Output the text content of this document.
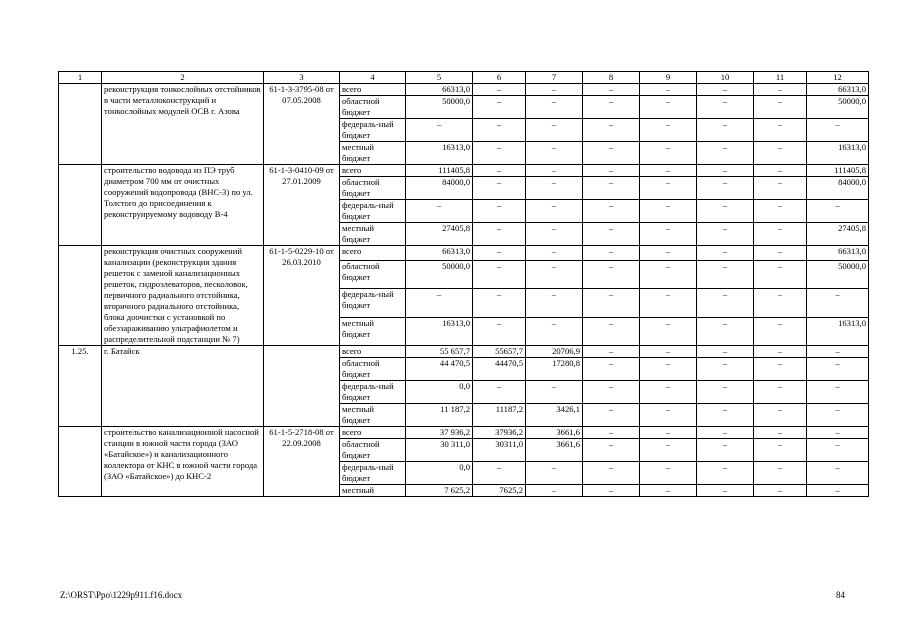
1	2	3	4	5	6	7	8	9	10	11	12
	реконструкция тонкослойных отстойников в части металлоконструкций и тонкослойных модулей ОСВ г. Азова	61-1-3-3795-08 от 07.05.2008	всего	66313,0	–	–	–	–	–	–	66313,0
			областной бюджет	50000,0	–	–	–	–	–	–	50000,0
			федераль-ный бюджет	–	–	–	–	–	–	–	–
			местный бюджет	16313,0	–	–	–	–	–	–	16313,0
	строительство водовода из ПЭ труб диаметром 700 мм от очистных сооружений водопровода (ВНС-3) по ул. Толстого до присоединения к реконструируемому водоводу В-4	61-1-3-0410-09 от 27.01.2009	всего	111405,8	–	–	–	–	–	–	111405,8
			областной бюджет	84000,0	–	–	–	–	–	–	84000,0
			федераль-ный бюджет	–	–	–	–	–	–	–	–
			местный бюджет	27405,8	–	–	–	–	–	–	27405,8
	реконструкция очистных сооружений канализации (реконструкция здания решеток с заменой канализационных решеток, гидроэлеваторов, песколовок, первичного радиального отстойника, вторичного радиального отстойника, блока доочистки с установкой по обеззараживанию ультрафиолетом и распределительной подстанции № 7)	61-1-5-0229-10 от 26.03.2010	всего	66313,0	–	–	–	–	–	–	66313,0
			областной бюджет	50000,0	–	–	–	–	–	–	50000,0
			федераль-ный бюджет	–	–	–	–	–	–	–	–
			местный бюджет	16313,0	–	–	–	–	–	–	16313,0
1.25.	г. Батайск		всего	55 657,7	55657,7	20706,9	–	–	–	–	–
			областной бюджет	44 470,5	44470,5	17280,8	–	–	–	–	–
			федераль-ный бюджет	0,0	–	–	–	–	–	–	–
			местный бюджет	11 187,2	11187,2	3426,1	–	–	–	–	–
	строительство канализационной насосной станции в южной части города (ЗАО «Батайское») и канализационного коллектора от КНС в южной части города (ЗАО «Батайское») до КНС-2	61-1-5-2718-08 от 22.09.2008	всего	37 936,2	37936,2	3661,6	–	–	–	–	–
			областной бюджет	30 311,0	30311,0	3661,6	–	–	–	–	–
			федераль-ный бюджет	0,0	–	–	–	–	–	–	–
			местный	7 625,2	7625,2	–	–	–	–	–	–
Z:\ORST\Ppo\1229p911.f16.docx	84
